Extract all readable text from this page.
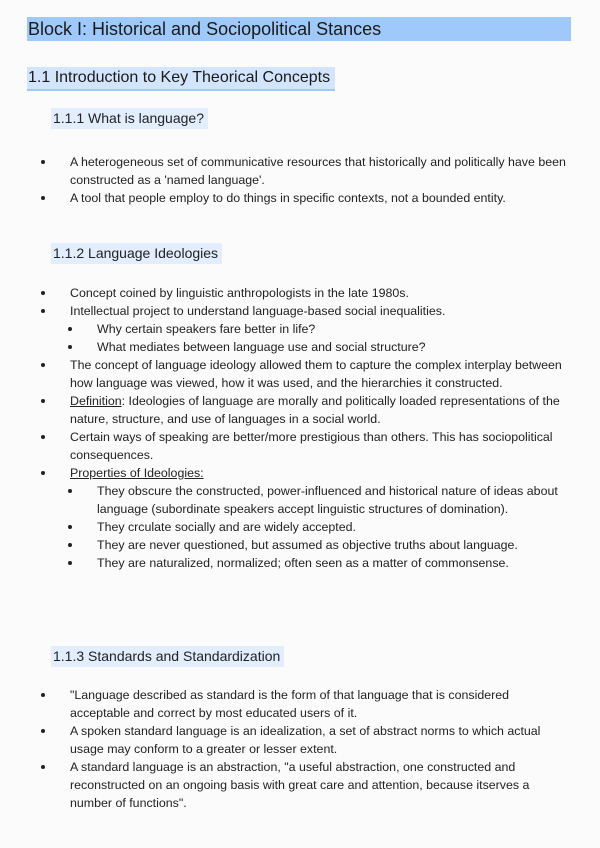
Block I: Historical and Sociopolitical Stances
1.1 Introduction to Key Theorical Concepts
1.1.1 What is language?
A heterogeneous set of communicative resources that historically and politically have been constructed as a 'named language'.
A tool that people employ to do things in specific contexts, not a bounded entity.
1.1.2 Language Ideologies
Concept coined by linguistic anthropologists in the late 1980s.
Intellectual project to understand language-based social inequalities.
Why certain speakers fare better in life?
What mediates between language use and social structure?
The concept of language ideology allowed them to capture the complex interplay between how language was viewed, how it was used, and the hierarchies it constructed.
Definition: Ideologies of language are morally and politically loaded representations of the nature, structure, and use of languages in a social world.
Certain ways of speaking are better/more prestigious than others. This has sociopolitical consequences.
Properties of Ideologies:
They obscure the constructed, power-influenced and historical nature of ideas about language (subordinate speakers accept linguistic structures of domination).
They crculate socially and are widely accepted.
They are never questioned, but assumed as objective truths about language.
They are naturalized, normalized; often seen as a matter of commonsense.
1.1.3 Standards and Standardization
"Language described as standard is the form of that language that is considered acceptable and correct by most educated users of it.
A spoken standard language is an idealization, a set of abstract norms to which actual usage may conform to a greater or lesser extent.
A standard language is an abstraction, "a useful abstraction, one constructed and reconstructed on an ongoing basis with great care and attention, because itserves a number of functions".
